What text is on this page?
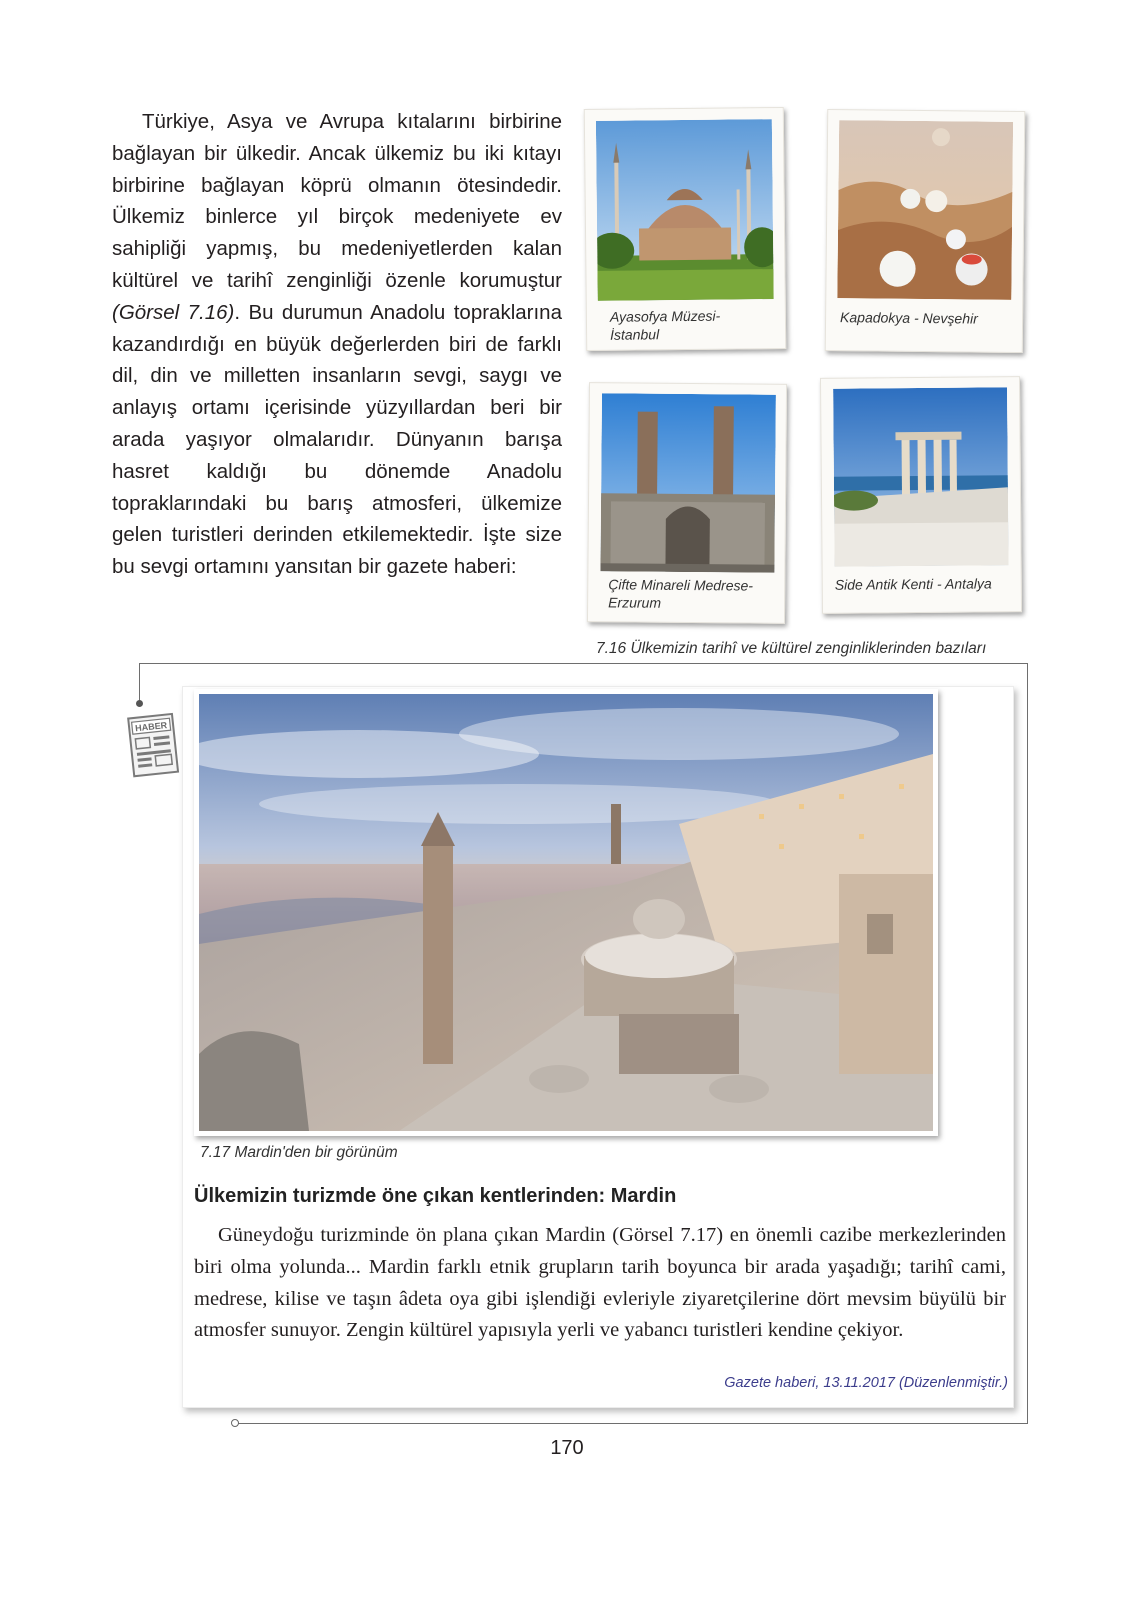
Türkiye, Asya ve Avrupa kıtalarını birbirine bağlayan bir ülkedir. Ancak ülkemiz bu iki kıtayı birbirine bağlayan köprü olmanın ötesindedir. Ülkemiz binlerce yıl birçok medeniyete ev sahipliği yapmış, bu medeniyetlerden kalan kültürel ve tarihî zenginliği özenle korumuştur (Görsel 7.16). Bu durumun Anadolu topraklarına kazandırdığı en büyük değerlerden biri de farklı dil, din ve milletten insanların sevgi, saygı ve anlayış ortamı içerisinde yüzyıllardan beri bir arada yaşıyor olmalarıdır. Dünyanın barışa hasret kaldığı bu dönemde Anadolu topraklarındaki bu barış atmosferi, ülkemize gelen turistleri derinden etkilemektedir. İşte size bu sevgi ortamını yansıtan bir gazete haberi:

Ayasofya Müzesi-
İstanbul
Kapadokya - Nevşehir
Çifte Minareli Medrese-
Erzurum
Side Antik Kenti - Antalya
7.16 Ülkemizin tarihî ve kültürel zenginliklerinden bazıları
HABER
7.17 Mardin'den bir görünüm
Ülkemizin turizmde öne çıkan kentlerinden: Mardin

Güneydoğu turizminde ön plana çıkan Mardin (Görsel 7.17) en önemli cazibe merkezlerinden biri olma yolunda... Mardin farklı etnik grupların tarih boyunca bir arada yaşadığı; tarihî cami, medrese, kilise ve taşın âdeta oya gibi işlendiği evleriyle ziyaretçilerine dört mevsim büyülü bir atmosfer sunuyor. Zengin kültürel yapısıyla yerli ve yabancı turistleri kendine çekiyor.

Gazete haberi, 13.11.2017 (Düzenlenmiştir.)
170
